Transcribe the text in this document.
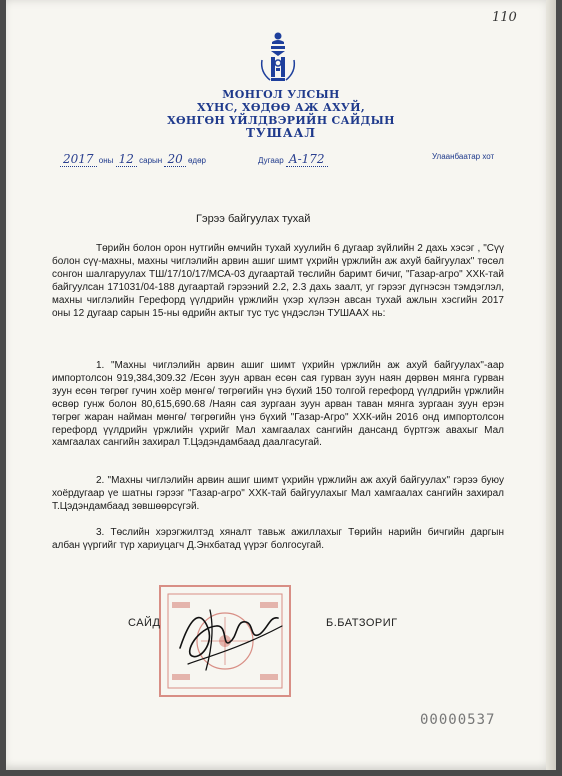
110
МОНГОЛ УЛСЫН
ХҮНС, ХӨДӨӨ АЖ АХУЙ,
ХӨНГӨН ҮЙЛДВЭРИЙН САЙДЫН
ТУШААЛ
2017 оны 12 сарын 20 өдөр	Дугаар A-172	Улаанбаатар хот
Гэрээ байгуулах тухай
Төрийн болон орон нутгийн өмчийн тухай хуулийн 6 дугаар зүйлийн 2 дахь хэсэг , "Сүү болон сүү-махны, махны чиглэлийн арвин ашиг шимт үхрийн үржлийн аж ахуй байгуулах" төсөл сонгон шалгаруулах ТШ/17/10/17/МСА-03 дугаартай төслийн баримт бичиг, "Газар-агро" ХХК-тай байгуулсан 171031/04-188 дугаартай гэрээний 2.2, 2.3 дахь заалт, уг гэрээг дүгнэсэн тэмдэглэл, махны чиглэлийн Герефорд үүлдрийн үржлийн үхэр хүлээн авсан тухай ажлын хэсгийн 2017 оны 12 дугаар сарын 15-ны өдрийн актыг тус тус үндэслэн ТУШААХ нь:
1. "Махны чиглэлийн арвин ашиг шимт үхрийн үржлийн аж ахуй байгуулах"-аар импортолсон 919,384,309.32 /Есөн зуун арван есөн сая гурван зуун наян дөрвөн мянга гурван зуун есөн төгрөг гучин хоёр мөнгө/ төгрөгийн үнэ бүхий 150 толгой герефорд үүлдрийн үржлийн өсвөр гунж болон 80,615,690.68 /Наян сая зургаан зуун арван таван мянга зургаан зуун ерэн төгрөг жаран найман мөнгө/ төгрөгийн үнэ бүхий "Газар-Агро" ХХК-ийн 2016 онд импортолсон герефорд үүлдрийн үржлийн үхрийг Мал хамгаалах сангийн дансанд бүртгэж авахыг Мал хамгаалах сангийн захирал Т.Цэдэндамбаад даалгасугай.
2. "Махны чиглэлийн арвин ашиг шимт үхрийн үржлийн аж ахуй байгуулах" гэрээ буюу хоёрдугаар үе шатны гэрээг "Газар-агро" ХХК-тай байгуулахыг Мал хамгаалах сангийн захирал Т.Цэдэндамбаад зөвшөөрсүгэй.
3. Төслийн хэрэгжилтэд хяналт тавьж ажиллахыг Төрийн нарийн бичгийн даргын албан үүргийг түр хариуцагч Д.Энхбатад үүрэг болгосугай.
САЙД	Б.БАТЗОРИГ
00000537
